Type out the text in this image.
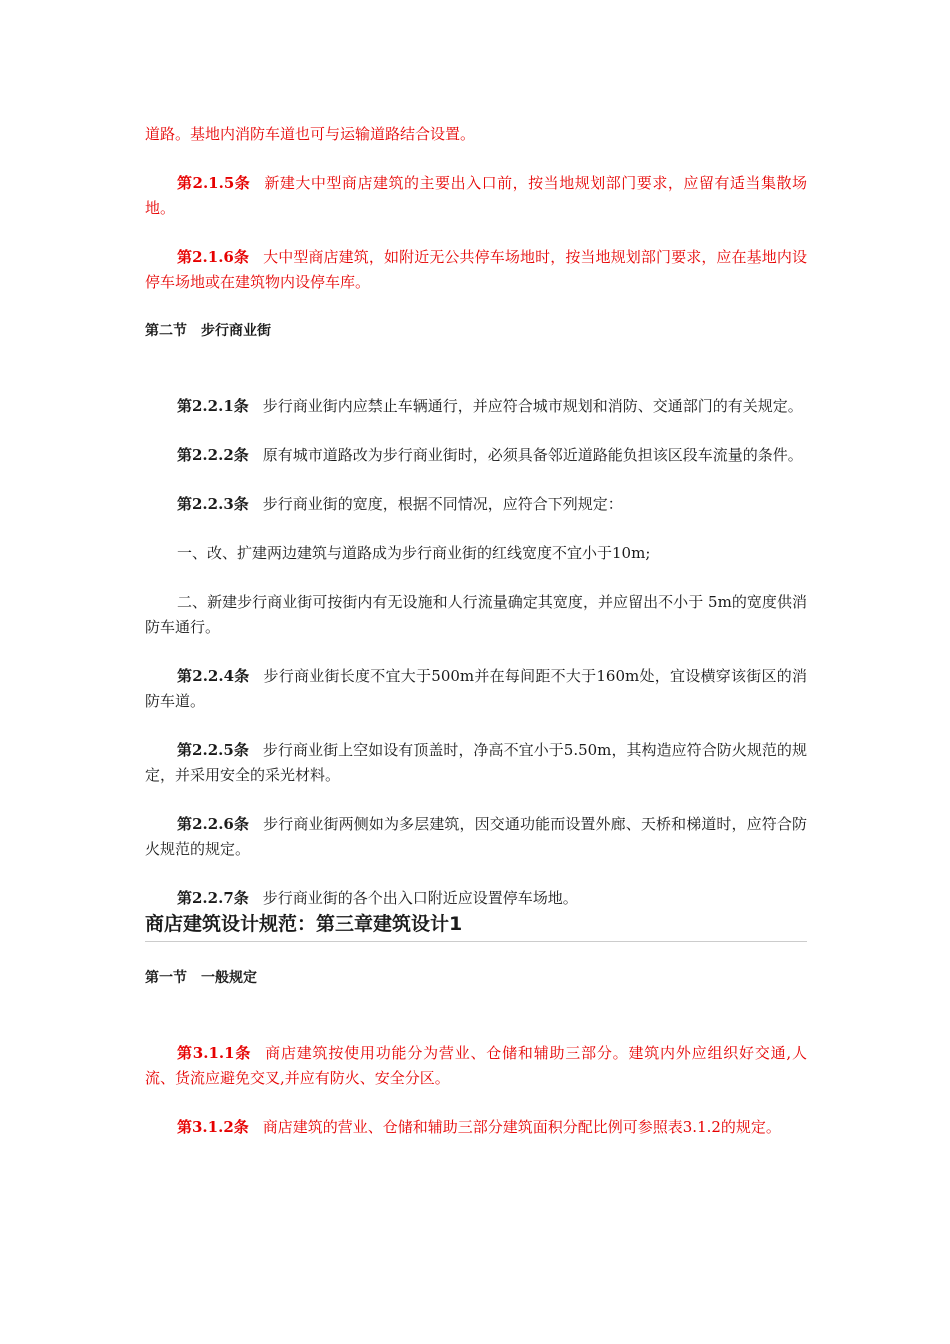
道路。基地内消防车道也可与运输道路结合设置。

第2.1.5条 新建大中型商店建筑的主要出入口前，按当地规划部门要求，应留有适当集散场地。

第2.1.6条 大中型商店建筑，如附近无公共停车场地时，按当地规划部门要求，应在基地内设停车场地或在建筑物内设停车库。

第二节　步行商业街

第2.2.1条 步行商业街内应禁止车辆通行，并应符合城市规划和消防、交通部门的有关规定。

第2.2.2条 原有城市道路改为步行商业街时，必须具备邻近道路能负担该区段车流量的条件。

第2.2.3条 步行商业街的宽度，根据不同情况，应符合下列规定：

一、改、扩建两边建筑与道路成为步行商业街的红线宽度不宜小于10m;

二、新建步行商业街可按街内有无设施和人行流量确定其宽度，并应留出不小于 5m的宽度供消防车通行。

第2.2.4条 步行商业街长度不宜大于500m并在每间距不大于160m处，宜设横穿该街区的消防车道。

第2.2.5条 步行商业街上空如设有顶盖时，净高不宜小于5.50m，其构造应符合防火规范的规定，并采用安全的采光材料。

第2.2.6条 步行商业街两侧如为多层建筑，因交通功能而设置外廊、天桥和梯道时，应符合防火规范的规定。

第2.2.7条 步行商业街的各个出入口附近应设置停车场地。

商店建筑设计规范：第三章建筑设计1

第一节　一般规定

第3.1.1条 商店建筑按使用功能分为营业、仓储和辅助三部分。建筑内外应组织好交通,人流、货流应避免交叉,并应有防火、安全分区。

第3.1.2条 商店建筑的营业、仓储和辅助三部分建筑面积分配比例可参照表3.1.2的规定。
